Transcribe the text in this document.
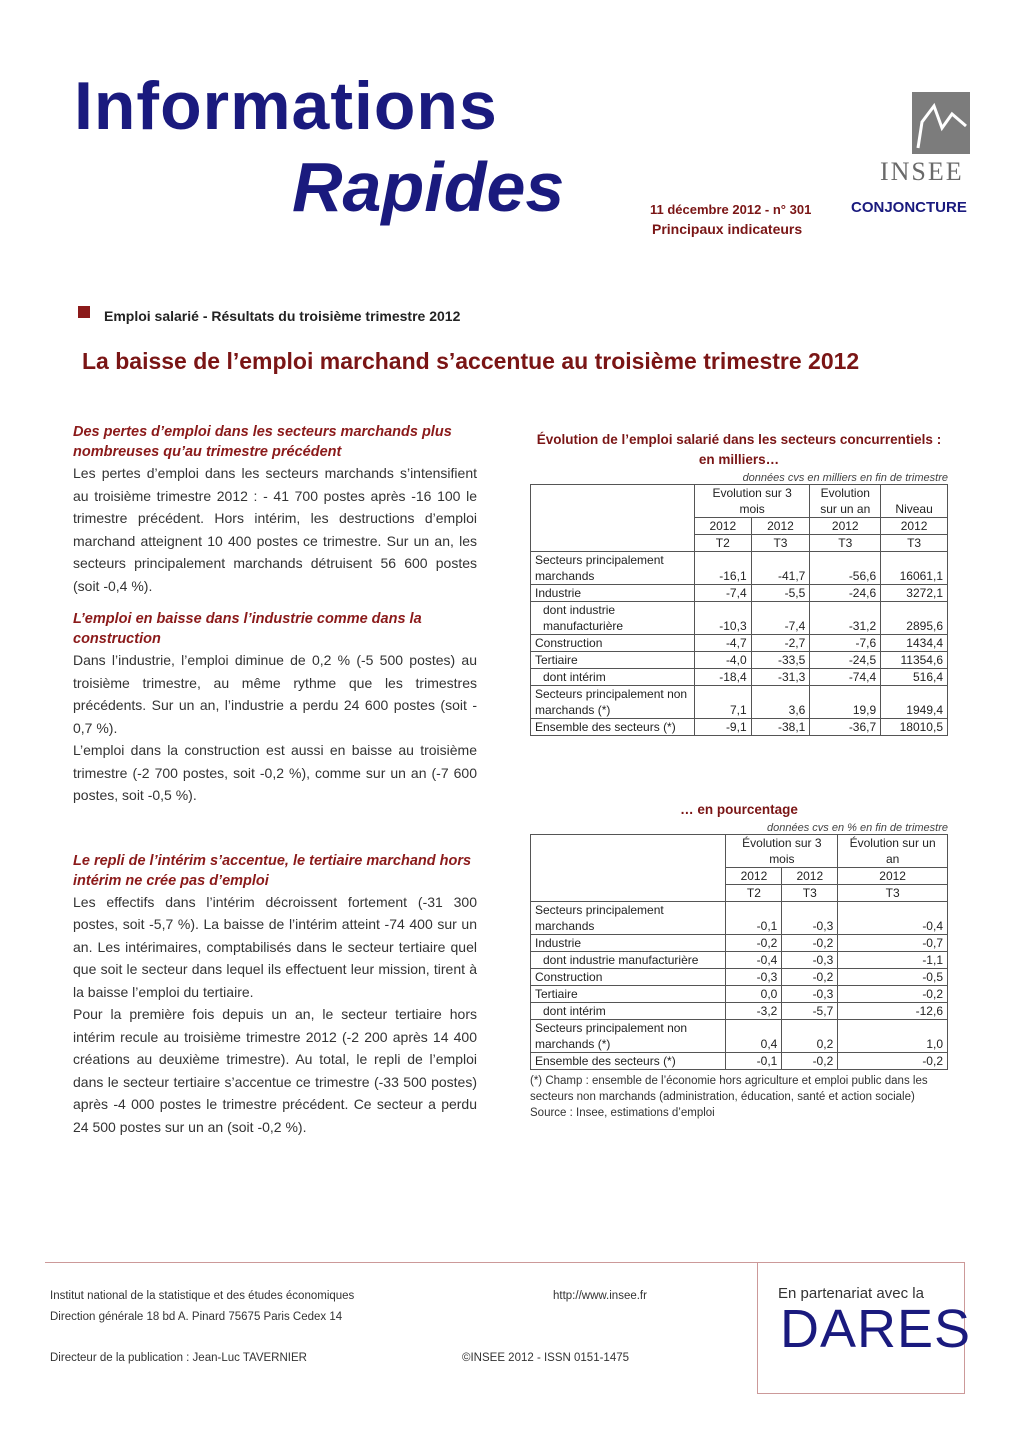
Informations
Rapides	11 décembre 2012 - n° 301
Principaux indicateurs
INSEE
CONJONCTURE
Emploi salarié - Résultats du troisième trimestre 2012
La baisse de l’emploi marchand s’accentue au troisième trimestre 2012

Des pertes d’emploi dans les secteurs marchands plus nombreuses qu’au trimestre précédent

Les pertes d’emploi dans les secteurs marchands s’intensifient au troisième trimestre 2012 : - 41 700 postes après -16 100 le trimestre précédent. Hors intérim, les destructions d’emploi marchand atteignent 10 400 postes ce trimestre. Sur un an, les secteurs principalement marchands détruisent 56 600 postes (soit -0,4 %).

L’emploi en baisse dans l’industrie comme dans la construction

Dans l’industrie, l’emploi diminue de 0,2 % (-5 500 postes) au troisième trimestre, au même rythme que les trimestres précédents. Sur un an, l’industrie a perdu 24 600 postes (soit - 0,7 %).

L’emploi dans la construction est aussi en baisse au troisième trimestre (-2 700 postes, soit -0,2 %), comme sur un an (-7 600 postes, soit -0,5 %).

Le repli de l’intérim s’accentue, le tertiaire marchand hors intérim ne crée pas d’emploi

Les effectifs dans l’intérim décroissent fortement (-31 300 postes, soit -5,7 %). La baisse de l’intérim atteint -74 400 sur un an. Les intérimaires, comptabilisés dans le secteur tertiaire quel que soit le secteur dans lequel ils effectuent leur mission, tirent à la baisse l’emploi du tertiaire.

Pour la première fois depuis un an, le secteur tertiaire hors intérim recule au troisième trimestre 2012 (-2 200 après 14 400 créations au deuxième trimestre). Au total, le repli de l’emploi dans le secteur tertiaire s’accentue ce trimestre (-33 500 postes) après -4 000 postes le trimestre précédent. Ce secteur a perdu 24 500 postes sur un an (soit -0,2 %).

Évolution de l’emploi salarié dans les secteurs concurrentiels : en milliers…
données cvs en milliers en fin de trimestre
	Evolution sur 3 mois		Evolution sur un an	Niveau
	2012	2012	2012	2012
	T2	T3	T3	T3
Secteurs principalement marchands	-16,1	-41,7	-56,6	16061,1
Industrie	-7,4	-5,5	-24,6	3272,1
dont industrie manufacturière	-10,3	-7,4	-31,2	2895,6
Construction	-4,7	-2,7	-7,6	1434,4
Tertiaire	-4,0	-33,5	-24,5	11354,6
dont intérim	-18,4	-31,3	-74,4	516,4
Secteurs principalement non marchands (*)	7,1	3,6	19,9	1949,4
Ensemble des secteurs (*)	-9,1	-38,1	-36,7	18010,5
… en pourcentage
données cvs en % en fin de trimestre
	Évolution sur 3 mois		Évolution sur un an
	2012	2012	2012
	T2	T3	T3
Secteurs principalement marchands	-0,1	-0,3	-0,4
Industrie	-0,2	-0,2	-0,7
dont industrie manufacturière	-0,4	-0,3	-1,1
Construction	-0,3	-0,2	-0,5
Tertiaire	0,0	-0,3	-0,2
dont intérim	-3,2	-5,7	-12,6
Secteurs principalement non marchands (*)	0,4	0,2	1,0
Ensemble des secteurs (*)	-0,1	-0,2	-0,2
(*) Champ : ensemble de l’économie hors agriculture et emploi public dans les secteurs non marchands (administration, éducation, santé et action sociale)
Source : Insee, estimations d’emploi
Institut national de la statistique et des études économiques
Direction générale 18 bd A. Pinard 75675 Paris Cedex 14
http://www.insee.fr
Directeur de la publication : Jean-Luc TAVERNIER	©INSEE 2012 - ISSN 0151-1475
En partenariat avec la
DARES
